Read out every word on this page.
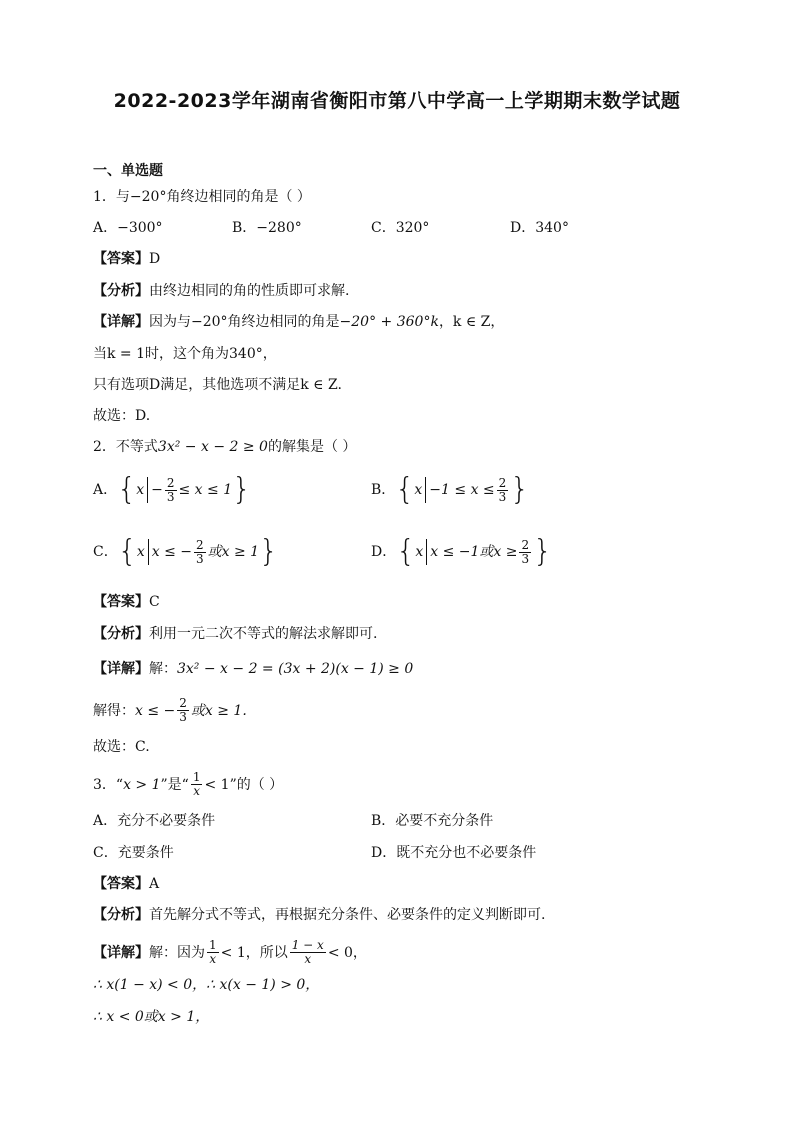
2022-2023学年湖南省衡阳市第八中学高一上学期期末数学试题
一、单选题
1．与−20°角终边相同的角是（ ）
A．−300°	B．−280°	C．320°	D．340°
【答案】D
【分析】由终边相同的角的性质即可求解.
【详解】因为与−20°角终边相同的角是−20° + 360°k，k ∈ Z，
当k = 1时，这个角为340°，
只有选项D满足，其他选项不满足k ∈ Z.
故选：D.
2．不等式3x² − x − 2 ≥ 0的解集是（ ）
A． { $x - \frac{2}{3} \le x \le 1$ }	B． { $x -1 \le x \le \frac{2}{3}$ }
C． { x x ≤ − $\frac{2}{3}$ 或x ≥ 1 }	D． { x x ≤ −1或$x \ge \frac{2}{3}$ }
【答案】C
【分析】利用一元二次不等式的解法求解即可.
【详解】解：3x² − x − 2 = (3x + 2)(x − 1) ≥ 0
解得： x ≤ − $\frac{2}{3}$ 或x ≥ 1.
故选：C.
3．“ x > 1 ”是“ $\frac{1}{x} < 1$ ”的（ ）
A．充分不必要条件	B．必要不充分条件
C．充要条件	D．既不充分也不必要条件
【答案】A
【分析】首先解分式不等式，再根据充分条件、必要条件的定义判断即可.
【详解】 解：因为 $\frac{1}{x} < 1$ ，所以 $\frac{1 - x}{x} < 0$ ，
∴ x(1 − x) < 0，∴ x(x − 1) > 0，
∴ x < 0或x > 1，
